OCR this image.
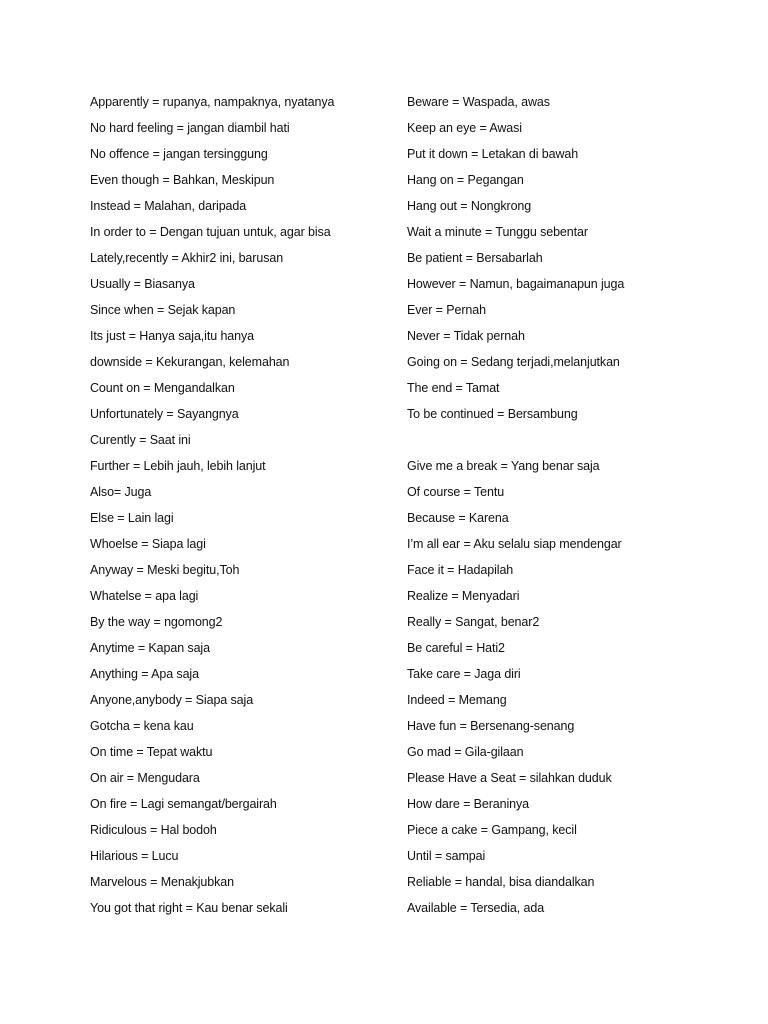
Apparently = rupanya, nampaknya, nyatanya
No hard feeling = jangan diambil hati
No offence = jangan tersinggung
Even though = Bahkan, Meskipun
Instead = Malahan, daripada
In order to = Dengan tujuan untuk, agar bisa
Lately,recently = Akhir2 ini, barusan
Usually = Biasanya
Since when = Sejak kapan
Its just = Hanya saja,itu hanya
downside = Kekurangan, kelemahan
Count on = Mengandalkan
Unfortunately = Sayangnya
Curently = Saat ini
Further = Lebih jauh, lebih lanjut
Also= Juga
Else = Lain lagi
Whoelse = Siapa lagi
Anyway = Meski begitu,Toh
Whatelse = apa lagi
By the way = ngomong2
Anytime = Kapan saja
Anything = Apa saja
Anyone,anybody = Siapa saja
Gotcha = kena kau
On time = Tepat waktu
On air = Mengudara
On fire = Lagi semangat/bergairah
Ridiculous = Hal bodoh
Hilarious = Lucu
Marvelous = Menakjubkan
You got that right = Kau benar sekali
Beware = Waspada, awas
Keep an eye = Awasi
Put it down = Letakan di bawah
Hang on = Pegangan
Hang out = Nongkrong
Wait a minute = Tunggu sebentar
Be patient = Bersabarlah
However = Namun, bagaimanapun juga
Ever = Pernah
Never = Tidak pernah
Going on = Sedang terjadi,melanjutkan
The end = Tamat
To be continued = Bersambung
Give me a break = Yang benar saja
Of course = Tentu
Because = Karena
I’m all ear = Aku selalu siap mendengar
Face it = Hadapilah
Realize = Menyadari
Really = Sangat, benar2
Be careful = Hati2
Take care = Jaga diri
Indeed = Memang
Have fun = Bersenang-senang
Go mad = Gila-gilaan
Please Have a Seat = silahkan duduk
How dare = Beraninya
Piece a cake = Gampang, kecil
Until = sampai
Reliable = handal, bisa diandalkan
Available = Tersedia, ada
